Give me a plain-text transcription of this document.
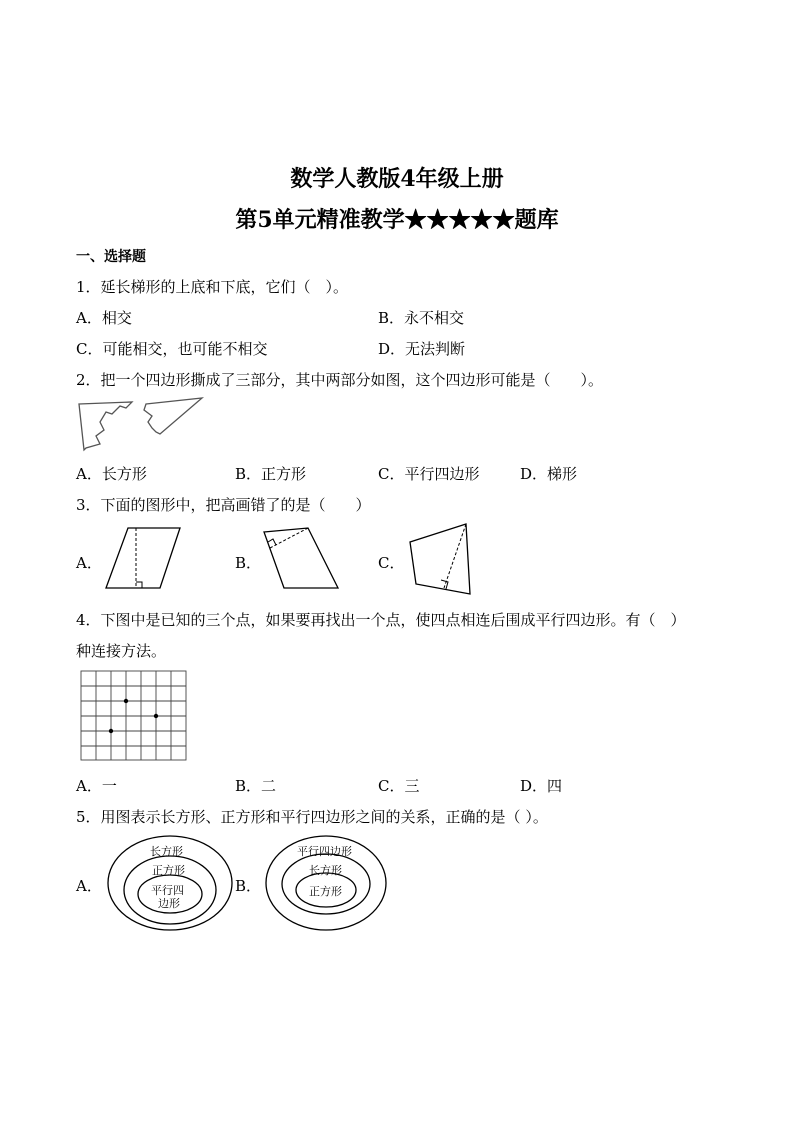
数学人教版4年级上册
第5单元精准教学★★★★★题库
一、选择题
1．延长梯形的上底和下底，它们（　）。
A．相交	B．永不相交
C．可能相交，也可能不相交	D．无法判断
2．把一个四边形撕成了三部分，其中两部分如图，这个四边形可能是（　　）。
A．长方形	B．正方形	C．平行四边形	D．梯形
3．下面的图形中，把高画错了的是（　　）
A．	B．	C．
4．下图中是已知的三个点，如果要再找出一个点，使四点相连后围成平行四边形。有（　）
种连接方法。
A．一	B．二	C．三	D．四
5．用图表示长方形、正方形和平行四边形之间的关系，正确的是（ ）。
A．
长方形
正方形
平行四
边形
B．
平行四边形
长方形
正方形
